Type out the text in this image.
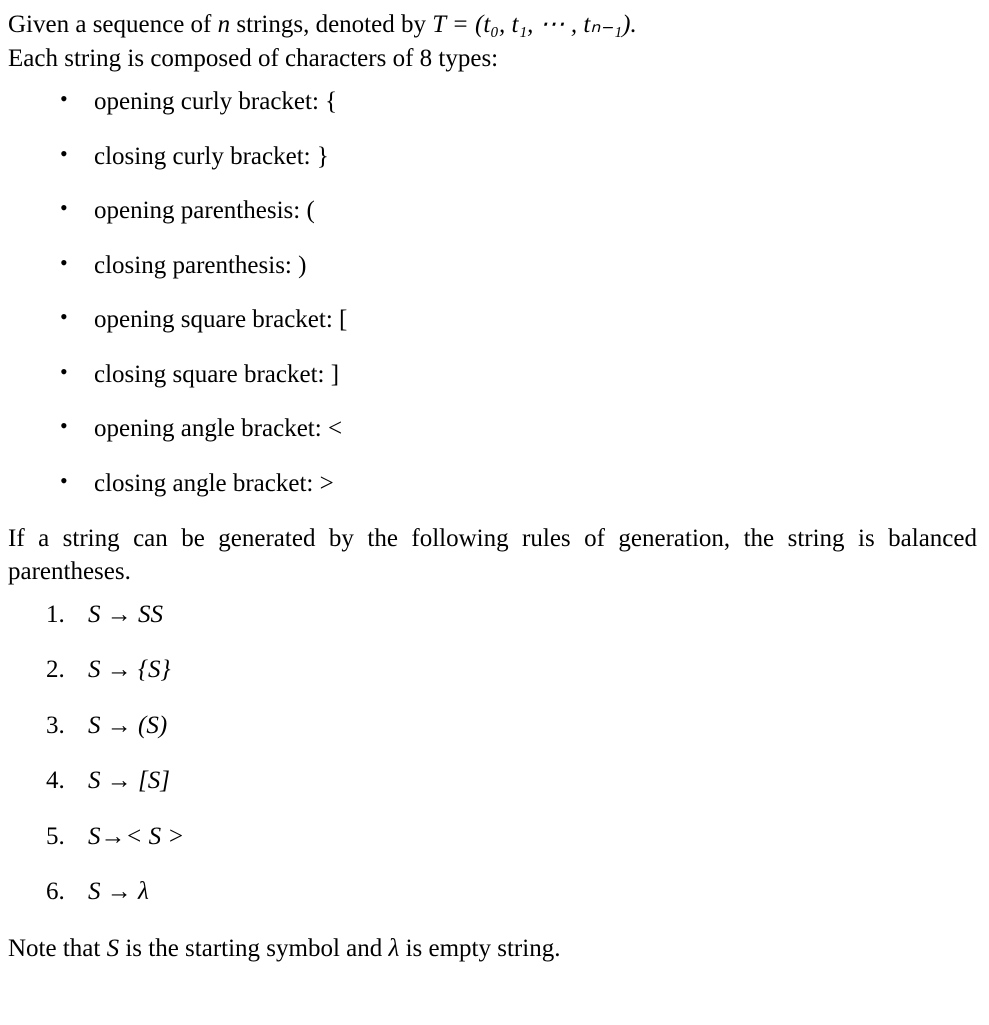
Given a sequence of n strings, denoted by T = (t₀, t₁, ⋯ , tₙ₋₁).

Each string is composed of characters of 8 types:

• opening curly bracket: {
• closing curly bracket: }
• opening parenthesis: (
• closing parenthesis: )
• opening square bracket: [
• closing square bracket: ]
• opening angle bracket: <
• closing angle bracket: >

If a string can be generated by the following rules of generation, the string is balanced parentheses.

S → SS
S → {S}
S → (S)
S → [S]
S→< S >
S → λ

Note that S is the starting symbol and λ is empty string.
